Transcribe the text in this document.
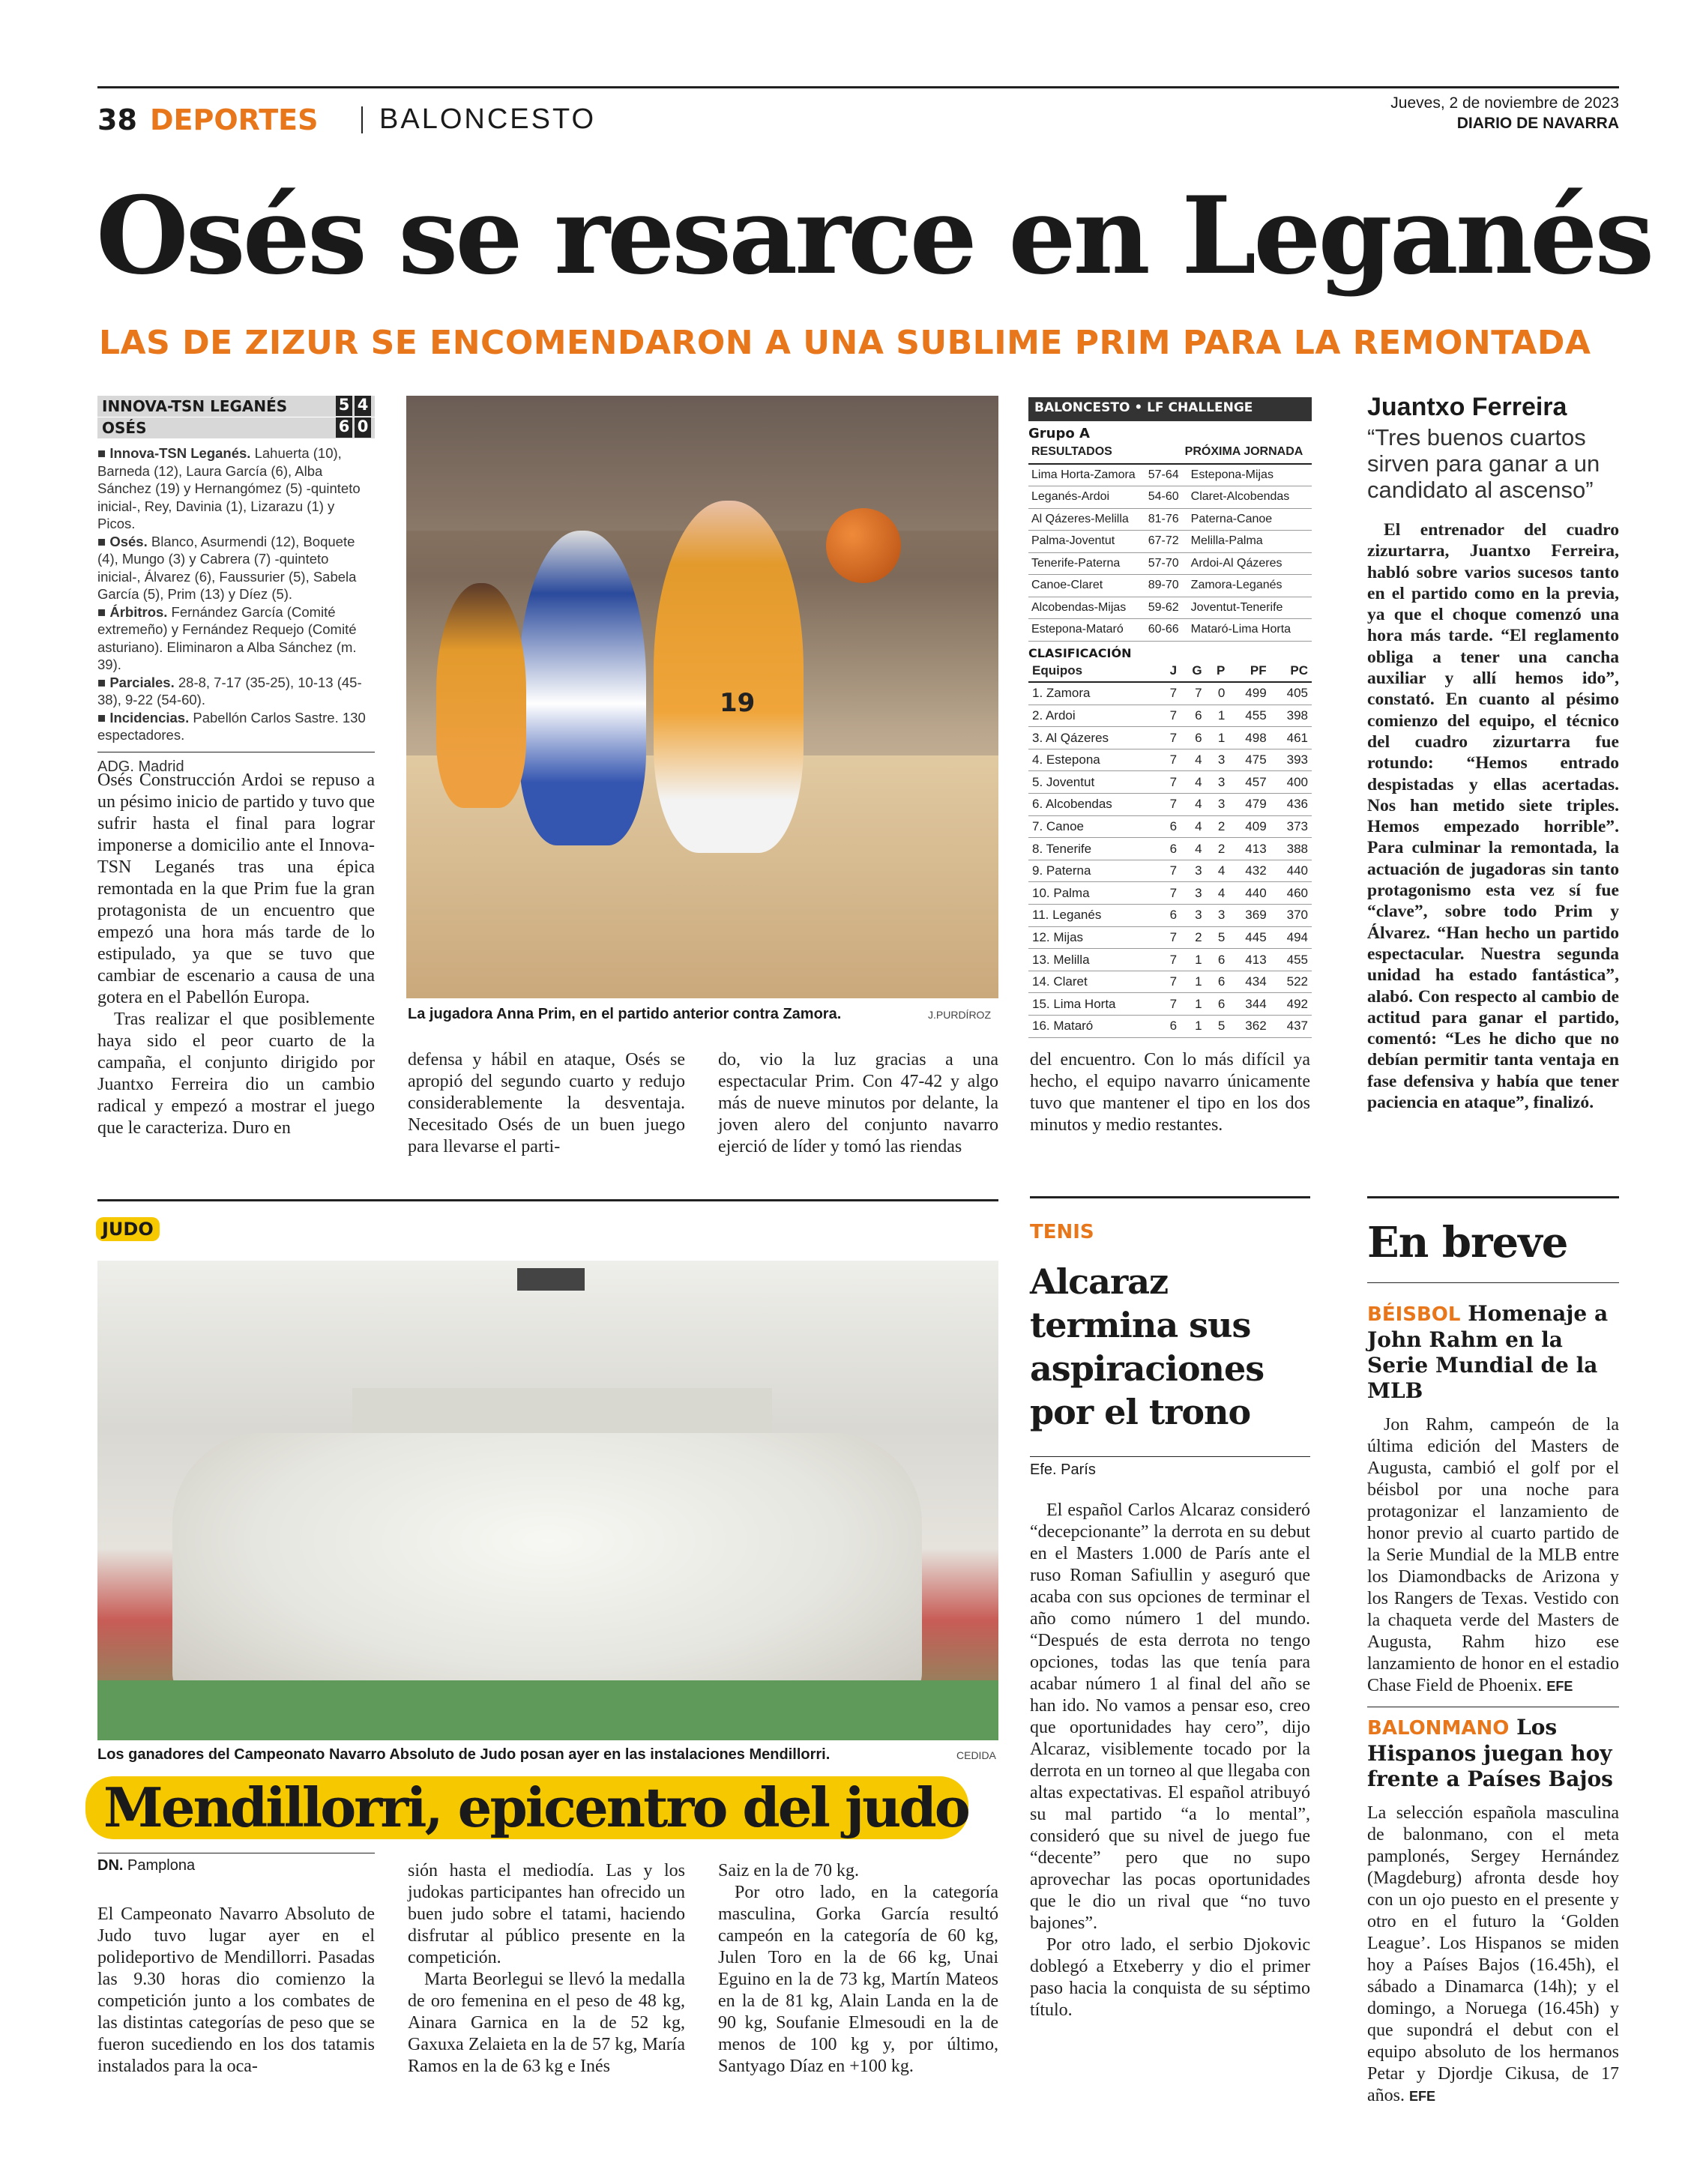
38 DEPORTES BALONCESTO
Jueves, 2 de noviembre de 2023
DIARIO DE NAVARRA
Osés se resarce en Leganés
LAS DE ZIZUR SE ENCOMENDARON A UNA SUBLIME PRIM PARA LA REMONTADA
INNOVA-TSN LEGANÉS	5 4
OSÉS	6 0
■ Innova-TSN Leganés. Lahuerta (10), Barneda (12), Laura García (6), Alba Sánchez (19) y Hernangómez (5) -quinteto inicial-, Rey, Davinia (1), Lizarazu (1) y Picos.
■ Osés. Blanco, Asurmendi (12), Boquete (4), Mungo (3) y Cabrera (7) -quinteto inicial-, Álvarez (6), Faussurier (5), Sabela García (5), Prim (13) y Díez (5).
■ Árbitros. Fernández García (Comité extremeño) y Fernández Requejo (Comité asturiano). Eliminaron a Alba Sánchez (m. 39).
■ Parciales. 28-8, 7-17 (35-25), 10-13 (45-38), 9-22 (54-60).
■ Incidencias. Pabellón Carlos Sastre. 130 espectadores.
ADG. Madrid
19
La jugadora Anna Prim, en el partido anterior contra Zamora.	J.PURDÍROZ

Osés Construcción Ardoi se repuso a un pésimo inicio de partido y tuvo que sufrir hasta el final para lograr imponerse a domicilio ante el Innova-TSN Leganés tras una épica remontada en la que Prim fue la gran protagonista de un encuentro que empezó una hora más tarde de lo estipulado, ya que se tuvo que cambiar de escenario a causa de una gotera en el Pabellón Europa.

Tras realizar el que posiblemente haya sido el peor cuarto de la campaña, el conjunto dirigido por Juantxo Ferreira dio un cambio radical y empezó a mostrar el juego que le caracteriza. Duro en

defensa y hábil en ataque, Osés se apropió del segundo cuarto y redujo considerablemente la desventaja. Necesitado Osés de un buen juego para llevarse el parti-

do, vio la luz gracias a una espectacular Prim. Con 47-42 y algo más de nueve minutos por delante, la joven alero del conjunto navarro ejerció de líder y tomó las riendas

del encuentro. Con lo más difícil ya hecho, el equipo navarro únicamente tuvo que mantener el tipo en los dos minutos y medio restantes.

BALONCESTO • LF CHALLENGE
Grupo A
RESULTADOS		PRÓXIMA JORNADA
Lima Horta-Zamora	57-64	Estepona-Mijas
Leganés-Ardoi	54-60	Claret-Alcobendas
Al Qázeres-Melilla	81-76	Paterna-Canoe
Palma-Joventut	67-72	Melilla-Palma
Tenerife-Paterna	57-70	Ardoi-Al Qázeres
Canoe-Claret	89-70	Zamora-Leganés
Alcobendas-Mijas	59-62	Joventut-Tenerife
Estepona-Mataró	60-66	Mataró-Lima Horta
CLASIFICACIÓN
Equipos	J	G	P	PF	PC
1. Zamora	7	7	0	499	405
2. Ardoi	7	6	1	455	398
3. Al Qázeres	7	6	1	498	461
4. Estepona	7	4	3	475	393
5. Joventut	7	4	3	457	400
6. Alcobendas	7	4	3	479	436
7. Canoe	6	4	2	409	373
8. Tenerife	6	4	2	413	388
9. Paterna	7	3	4	432	440
10. Palma	7	3	4	440	460
11. Leganés	6	3	3	369	370
12. Mijas	7	2	5	445	494
13. Melilla	7	1	6	413	455
14. Claret	7	1	6	434	522
15. Lima Horta	7	1	6	344	492
16. Mataró	6	1	5	362	437
Juantxo Ferreira
“Tres buenos cuartos sirven para ganar a un candidato al ascenso”

El entrenador del cuadro zizurtarra, Juantxo Ferreira, habló sobre varios sucesos tanto en el partido como en la previa, ya que el choque comenzó una hora más tarde. “El reglamento obliga a tener una cancha auxiliar y allí hemos ido”, constató. En cuanto al pésimo comienzo del equipo, el técnico del cuadro zizurtarra fue rotundo: “Hemos entrado despistadas y ellas acertadas. Nos han metido siete triples. Hemos empezado horrible”. Para culminar la remontada, la actuación de jugadoras sin tanto protagonismo esta vez sí fue “clave”, sobre todo Prim y Álvarez. “Han hecho un partido espectacular. Nuestra segunda unidad ha estado fantástica”, alabó. Con respecto al cambio de actitud para ganar el partido, comentó: “Les he dicho que no debían permitir tanta ventaja en fase defensiva y había que tener paciencia en ataque”, finalizó.

JUDO
Los ganadores del Campeonato Navarro Absoluto de Judo posan ayer en las instalaciones Mendillorri.	CEDIDA
Mendillorri, epicentro del judo
DN. Pamplona

El Campeonato Navarro Absoluto de Judo tuvo lugar ayer en el polideportivo de Mendillorri. Pasadas las 9.30 horas dio comienzo la competición junto a los combates de las distintas categorías de peso que se fueron sucediendo en los dos tatamis instalados para la oca-

sión hasta el mediodía. Las y los judokas participantes han ofrecido un buen judo sobre el tatami, haciendo disfrutar al público presente en la competición.

Marta Beorlegui se llevó la medalla de oro femenina en el peso de 48 kg, Ainara Garnica en la de 52 kg, Gaxuxa Zelaieta en la de 57 kg, María Ramos en la de 63 kg e Inés

Saiz en la de 70 kg.

Por otro lado, en la categoría masculina, Gorka García resultó campeón en la categoría de 60 kg, Julen Toro en la de 66 kg, Unai Eguino en la de 73 kg, Martín Mateos en la de 81 kg, Alain Landa en la de 90 kg, Soufanie Elmesoudi en la de menos de 100 kg y, por último, Santyago Díaz en +100 kg.

TENIS
Alcaraz termina sus aspiraciones por el trono
Efe. París

El español Carlos Alcaraz consideró “decepcionante” la derrota en su debut en el Masters 1.000 de París ante el ruso Roman Safiullin y aseguró que acaba con sus opciones de terminar el año como número 1 del mundo. “Después de esta derrota no tengo opciones, todas las que tenía para acabar número 1 al final del año se han ido. No vamos a pensar eso, creo que oportunidades hay cero”, dijo Alcaraz, visiblemente tocado por la derrota en un torneo al que llegaba con altas expectativas. El español atribuyó su mal partido “a lo mental”, consideró que su nivel de juego fue “decente” pero que no supo aprovechar las pocas oportunidades que le dio un rival que “no tuvo bajones”.

Por otro lado, el serbio Djokovic doblegó a Etxeberry y dio el primer paso hacia la conquista de su séptimo título.

En breve
BÉISBOL Homenaje a John Rahm en la Serie Mundial de la MLB

Jon Rahm, campeón de la última edición del Masters de Augusta, cambió el golf por el béisbol por una noche para protagonizar el lanzamiento de honor previo al cuarto partido de la Serie Mundial de la MLB entre los Diamondbacks de Arizona y los Rangers de Texas. Vestido con la chaqueta verde del Masters de Augusta, Rahm hizo ese lanzamiento de honor en el estadio Chase Field de Phoenix. EFE

BALONMANO Los Hispanos juegan hoy frente a Países Bajos

La selección española masculina de balonmano, con el meta pamplonés, Sergey Hernández (Magdeburg) afronta desde hoy con un ojo puesto en el presente y otro en el futuro la ‘Golden League’. Los Hispanos se miden hoy a Países Bajos (16.45h), el sábado a Dinamarca (14h); y el domingo, a Noruega (16.45h) y que supondrá el debut con el equipo absoluto de los hermanos Petar y Djordje Cikusa, de 17 años. EFE
